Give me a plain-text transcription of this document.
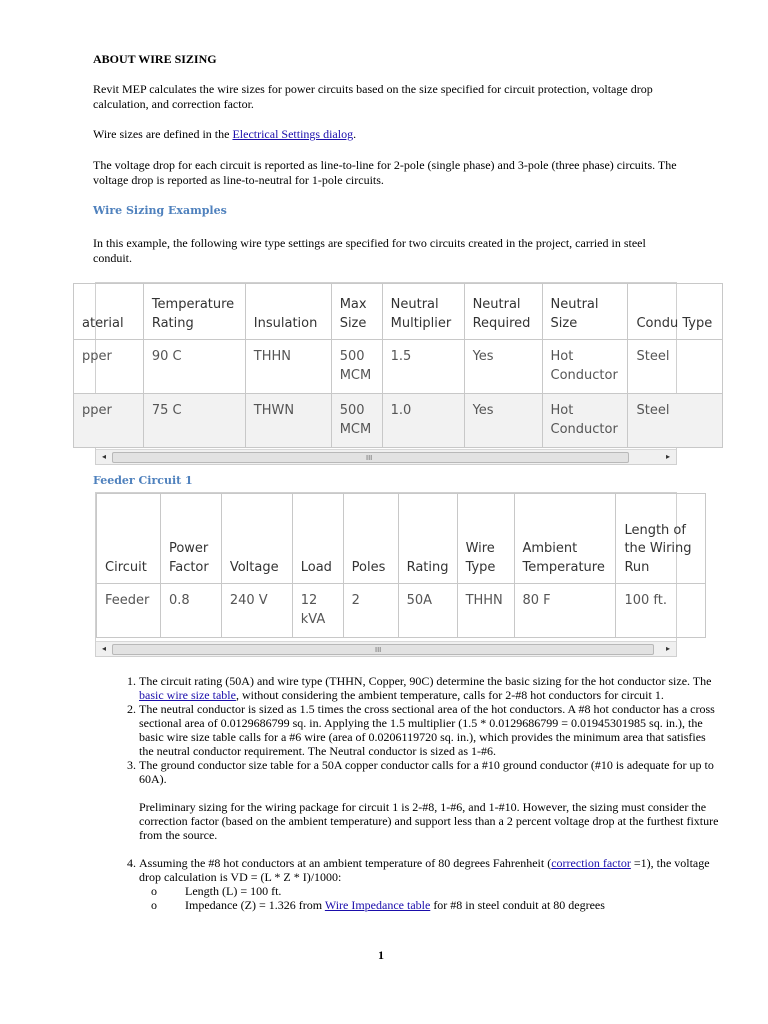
ABOUT WIRE SIZING
Revit MEP calculates the wire sizes for power circuits based on the size specified for circuit protection, voltage drop calculation, and correction factor.
Wire sizes are defined in the Electrical Settings dialog.
The voltage drop for each circuit is reported as line-to-line for 2-pole (single phase) and 3-pole (three phase) circuits. The voltage drop is reported as line-to-neutral for 1-pole circuits.
Wire Sizing Examples
In this example, the following wire type settings are specified for two circuits created in the project, carried in steel conduit.
aterial	Temperature Rating	Insulation	Max Size	Neutral Multiplier	Neutral Required	Neutral Size	Condu Type
pper	90 C	THHN	500 MCM	1.5	Yes	Hot Conductor	Steel
pper	75 C	THWN	500 MCM	1.0	Yes	Hot Conductor	Steel
◂	III	▸
Feeder Circuit 1
Circuit	Power Factor	Voltage	Load	Poles	Rating	Wire Type	Ambient Temperature	Length of the Wiring Run
Feeder	0.8	240 V	12 kVA	2	50A	THHN	80 F	100 ft.
◂	III	▸
1. The circuit rating (50A) and wire type (THHN, Copper, 90C) determine the basic sizing for the hot conductor size. The basic wire size table, without considering the ambient temperature, calls for 2-#8 hot conductors for circuit 1.
2. The neutral conductor is sized as 1.5 times the cross sectional area of the hot conductors. A #8 hot conductor has a cross sectional area of 0.0129686799 sq. in. Applying the 1.5 multiplier (1.5 * 0.0129686799 = 0.01945301985 sq. in.), the basic wire size table calls for a #6 wire (area of 0.0206119720 sq. in.), which provides the minimum area that satisfies the neutral conductor requirement. The Neutral conductor is sized as 1-#6.
3. The ground conductor size table for a 50A copper conductor calls for a #10 ground conductor (#10 is adequate for up to 60A).
Preliminary sizing for the wiring package for circuit 1 is 2-#8, 1-#6, and 1-#10. However, the sizing must consider the correction factor (based on the ambient temperature) and support less than a 2 percent voltage drop at the furthest fixture from the source.
4. Assuming the #8 hot conductors at an ambient temperature of 80 degrees Fahrenheit (correction factor =1), the voltage drop calculation is VD = (L * Z * I)/1000:
o Length (L) = 100 ft.
o Impedance (Z) = 1.326 from Wire Impedance table for #8 in steel conduit at 80 degrees
1
